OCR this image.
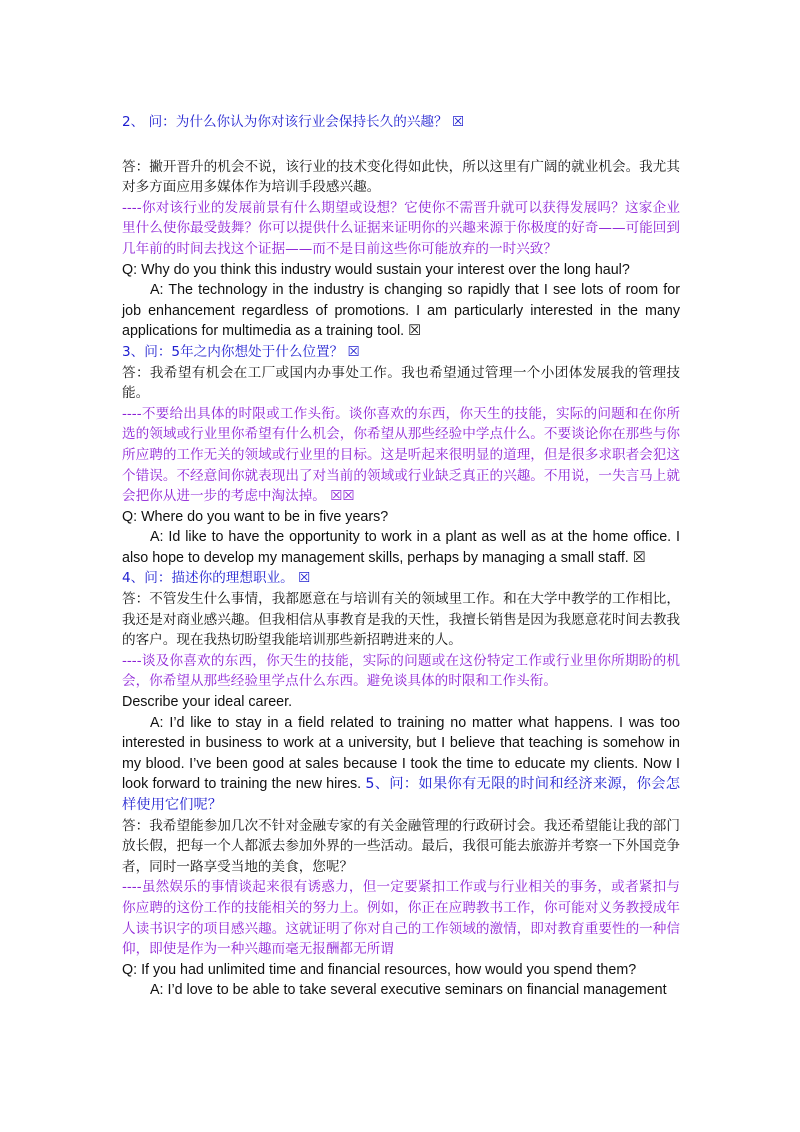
2、 问：为什么你认为你对该行业会保持长久的兴趣？ ☒

答：撇开晋升的机会不说，该行业的技术变化得如此快，所以这里有广阔的就业机会。我尤其对多方面应用多媒体作为培训手段感兴趣。

----你对该行业的发展前景有什么期望或设想？它使你不需晋升就可以获得发展吗？这家企业里什么使你最受鼓舞？你可以提供什么证据来证明你的兴趣来源于你极度的好奇——可能回到几年前的时间去找这个证据——而不是目前这些你可能放弃的一时兴致？

Q: Why do you think this industry would sustain your interest over the long haul?

A: The technology in the industry is changing so rapidly that I see lots of room for job enhancement regardless of promotions. I am particularly interested in the many applications for multimedia as a training tool. ☒

3、问：5年之内你想处于什么位置？ ☒

答：我希望有机会在工厂或国内办事处工作。我也希望通过管理一个小团体发展我的管理技能。

----不要给出具体的时限或工作头衔。谈你喜欢的东西，你天生的技能，实际的问题和在你所选的领域或行业里你希望有什么机会，你希望从那些经验中学点什么。不要谈论你在那些与你所应聘的工作无关的领域或行业里的目标。这是听起来很明显的道理，但是很多求职者会犯这个错误。不经意间你就表现出了对当前的领域或行业缺乏真正的兴趣。不用说，一失言马上就会把你从进一步的考虑中淘汰掉。 ☒☒

Q: Where do you want to be in five years?

A: Id like to have the opportunity to work in a plant as well as at the home office. I also hope to develop my management skills, perhaps by managing a small staff. ☒

4、问：描述你的理想职业。 ☒

答：不管发生什么事情，我都愿意在与培训有关的领域里工作。和在大学中教学的工作相比，我还是对商业感兴趣。但我相信从事教育是我的天性，我擅长销售是因为我愿意花时间去教我的客户。现在我热切盼望我能培训那些新招聘进来的人。

----谈及你喜欢的东西，你天生的技能，实际的问题或在这份特定工作或行业里你所期盼的机会，你希望从那些经验里学点什么东西。避免谈具体的时限和工作头衔。

Describe your ideal career.

A: I’d like to stay in a field related to training no matter what happens. I was too interested in business to work at a university, but I believe that teaching is somehow in my blood. I’ve been good at sales because I took the time to educate my clients. Now I look forward to training the new hires. 5、问：如果你有无限的时间和经济来源，你会怎样使用它们呢？

答：我希望能参加几次不针对金融专家的有关金融管理的行政研讨会。我还希望能让我的部门放长假，把每一个人都派去参加外界的一些活动。最后，我很可能去旅游并考察一下外国竞争者，同时一路享受当地的美食，您呢？

----虽然娱乐的事情谈起来很有诱惑力，但一定要紧扣工作或与行业相关的事务，或者紧扣与你应聘的这份工作的技能相关的努力上。例如，你正在应聘教书工作，你可能对义务教授成年人读书识字的项目感兴趣。这就证明了你对自己的工作领域的激情，即对教育重要性的一种信仰，即使是作为一种兴趣而毫无报酬都无所谓

Q: If you had unlimited time and financial resources, how would you spend them?

A: I’d love to be able to take several executive seminars on financial management
